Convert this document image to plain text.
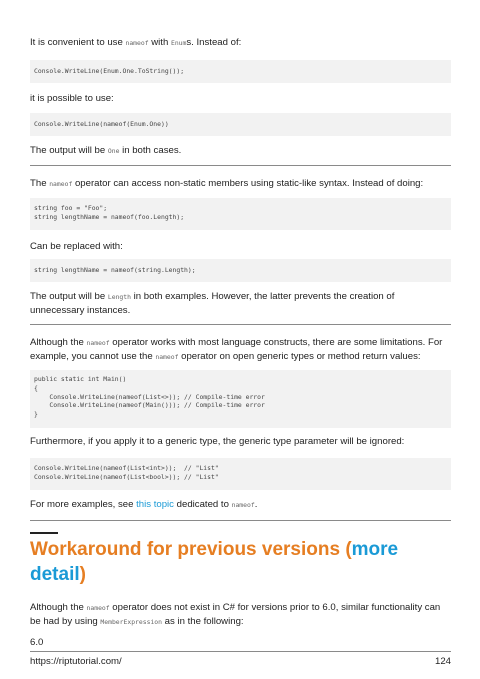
It is convenient to use nameof with Enums. Instead of:

Console.WriteLine(Enum.One.ToString());

it is possible to use:

Console.WriteLine(nameof(Enum.One))

The output will be One in both cases.

The nameof operator can access non-static members using static-like syntax. Instead of doing:

string foo = "Foo";
string lengthName = nameof(foo.Length);

Can be replaced with:

string lengthName = nameof(string.Length);

The output will be Length in both examples. However, the latter prevents the creation of unnecessary instances.

Although the nameof operator works with most language constructs, there are some limitations. For example, you cannot use the nameof operator on open generic types or method return values:

public static int Main()
{
Console.WriteLine(nameof(List<>)); // Compile-time error
Console.WriteLine(nameof(Main())); // Compile-time error
}

Furthermore, if you apply it to a generic type, the generic type parameter will be ignored:

Console.WriteLine(nameof(List<int>));  // "List"
Console.WriteLine(nameof(List<bool>)); // "List"

For more examples, see this topic dedicated to nameof.

Workaround for previous versions (more detail)

Although the nameof operator does not exist in C# for versions prior to 6.0, similar functionality can be had by using MemberExpression as in the following:

6.0

https://riptutorial.com/	124
